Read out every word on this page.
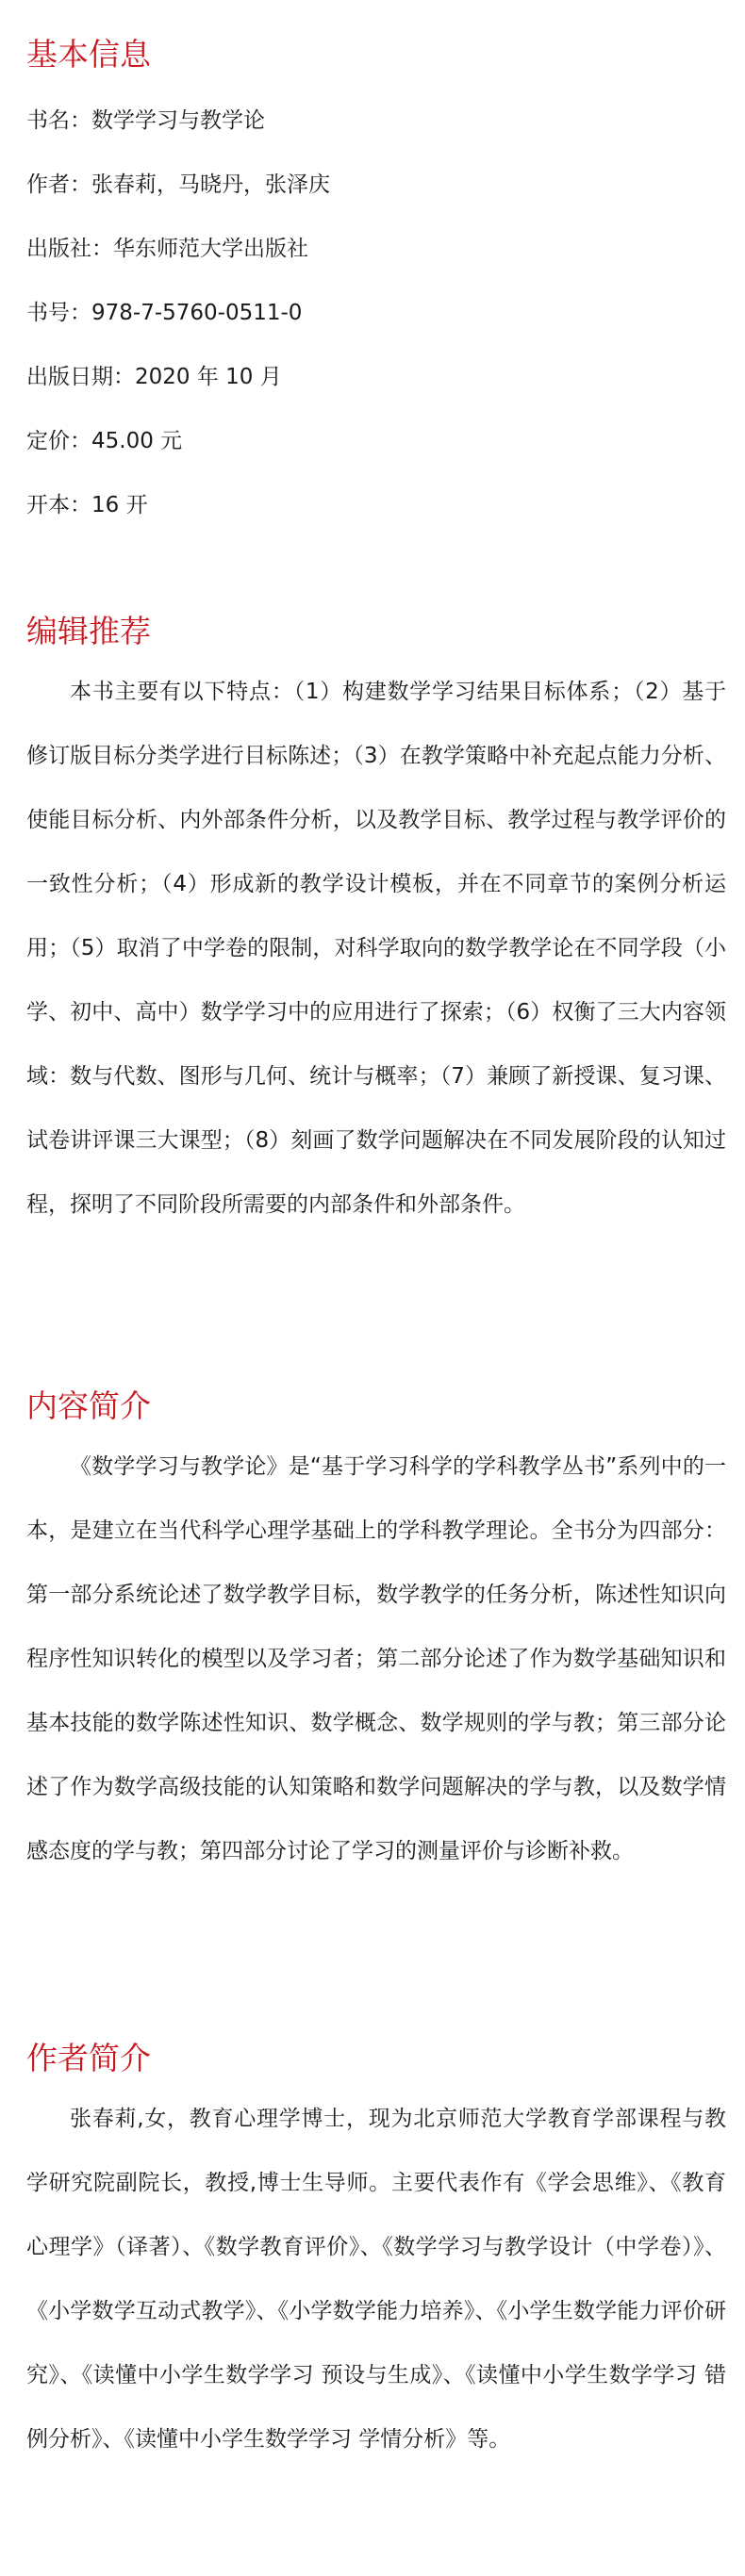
基本信息

书名：数学学习与教学论

作者：张春莉，马晓丹，张泽庆

出版社：华东师范大学出版社

书号：978-7-5760-0511-0

出版日期：2020 年 10 月

定价：45.00 元

开本：16 开

编辑推荐

本书主要有以下特点：（1）构建数学学习结果目标体系；（2）基于修订版目标分类学进行目标陈述；（3）在教学策略中补充起点能力分析、使能目标分析、内外部条件分析，以及教学目标、教学过程与教学评价的一致性分析；（4）形成新的教学设计模板，并在不同章节的案例分析运用；（5）取消了中学卷的限制，对科学取向的数学教学论在不同学段（小学、初中、高中）数学学习中的应用进行了探索；（6）权衡了三大内容领域：数与代数、图形与几何、统计与概率；（7）兼顾了新授课、复习课、试卷讲评课三大课型；（8）刻画了数学问题解决在不同发展阶段的认知过程，探明了不同阶段所需要的内部条件和外部条件。

内容简介

《数学学习与教学论》是“基于学习科学的学科教学丛书”系列中的一本，是建立在当代科学心理学基础上的学科教学理论。全书分为四部分：第一部分系统论述了数学教学目标，数学教学的任务分析，陈述性知识向程序性知识转化的模型以及学习者；第二部分论述了作为数学基础知识和基本技能的数学陈述性知识、数学概念、数学规则的学与教；第三部分论述了作为数学高级技能的认知策略和数学问题解决的学与教，以及数学情感态度的学与教；第四部分讨论了学习的测量评价与诊断补救。

作者简介

张春莉,女，教育心理学博士，现为北京师范大学教育学部课程与教学研究院副院长，教授,博士生导师。主要代表作有《学会思维》、《教育心理学》（译著）、《数学教育评价》、《数学学习与教学设计（中学卷）》、《小学数学互动式教学》、《小学数学能力培养》、《小学生数学能力评价研究》、《读懂中小学生数学学习 预设与生成》、《读懂中小学生数学学习 错例分析》、《读懂中小学生数学学习 学情分析》等。
